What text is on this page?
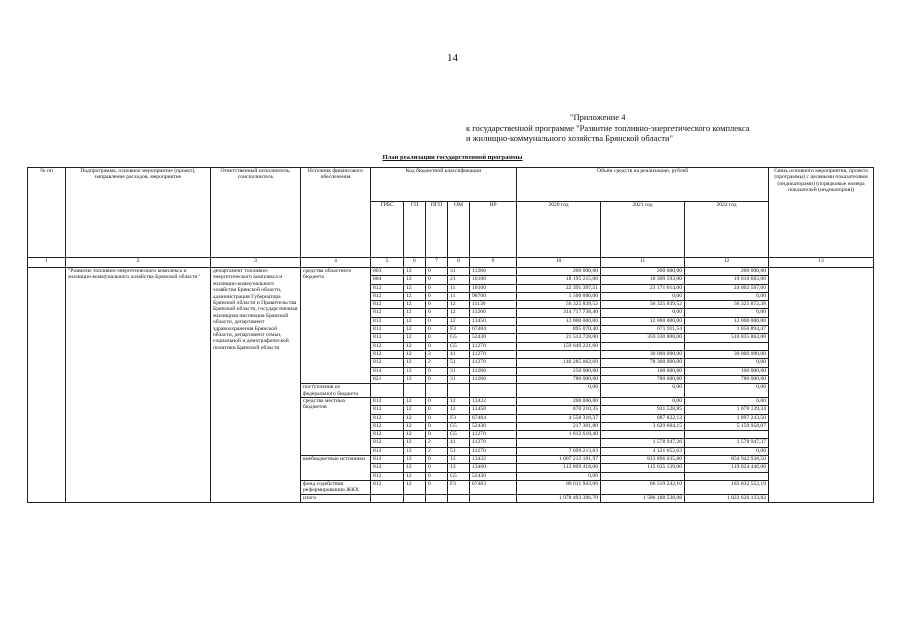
14
"Приложение 4
к государственной программе "Развитие топливно-энергетического комплекса
и жилищно-коммунального хозяйства Брянской области"
План реализации государственной программы
№ пп	Подпрограмма, основное мероприятие (проект), направление расходов, мероприятие	Ответственный исполнитель, соисполнитель	Источник финансового обеспечения	Код бюджетной классификации					Объём средств на реализацию, рублей			Связь основного мероприятия, проекта (программы) с целевыми показателями (индикаторами) (порядковые номера показателей (индикаторов))
				ГРБС	ГП	ПГП	ОМ	НР	2020 год	2021 год	2022 год	
1	2	3	4	5	6	7	8	9	10	11	12	13
	"Развитие топливно-энергетического комплекса и жилищно-коммунального хозяйства Брянской области"	департамент топливно-энергетического комплекса и жилищно-коммунального хозяйства Брянской области, администрация Губернатора Брянской области и Правительства Брянской области, государственная жилищная инспекция Брянской области, департамент здравоохранения Брянской области, департамент семьи, социальной и демографической политики Брянской области	средства областного бюджета	803	12	0	31	11280	200 000,00	200 000,00	200 000,00	
				804	12	0	21	10100	18 195 215,00	18 309 593,00	19 010 683,00	
				812	12	0	11	10100	22 391 397,51	23 171 014,00	24 002 597,00	
				812	12	0	11	98700	1 500 000,00	0,00	0,00	
				812	12	0	12	11130	56 325 839,52	56 325 839,52	56 325 872,38	
				812	12	0	12	11260	314 717 738,40	0,00	0,00	
				812	12	0	12	13450	12 000 000,00	12 000 000,00	12 000 000,00	
				812	12	0	F3	67484	895 070,40	671 911,54	1 856 894,47	
				812	12	0	G5	52430	21 512 728,00	359 330 808,00	510 835 862,00	
				812	12	0	G5	11270	159 649 221,60			
				812	12	2	41	11270		30 000 000,00	30 000 000,00	
				812	12	2	51	11270	146 285 062,69	78 300 000,00	0,00	
				814	12	0	31	11280	250 000,00	100 000,00	100 000,00	
				821	12	0	31	11280	780 000,00	780 000,00	780 000,00	
			поступления из федерального бюджета						0,00	0,00	0,00	
			средства местных бюджетов	812	12	0	12	13432	200 000,00	0,00	0,00	
				812	12	0	12	13450	870 210,35	931 528,85	1 078 139,34	
				812	12	0	F3	67484	4 558 316,37	687 822,13	1 897 243,50	
				812	12	0	G5	52430	217 301,00	3 629 604,15	5 159 958,07	
				812	12	0	G5	11270	1 612 618,40			
				812	12	2	41	11270		1 578 947,36	1 578 947,37	
				812	12	2	51	11270	7 699 213,83	4 121 052,63	0,00	
			внебюджетные источники	812	12	0	12	13432	1 007 212 101,97	813 896 035,80	854 942 938,50	
				812	12	0	13	13460	112 809 418,00	115 635 139,00	119 024 446,00	
				812	12	0	G5	52430	0,00			
			фонд содействия реформированию ЖКХ	812	12	0	F3	67483	88 611 943,66	66 519 242,10	183 832 552,19	
			итого						1 978 493 396,70	1 586 188 538,08	1 822 626 133,82	
